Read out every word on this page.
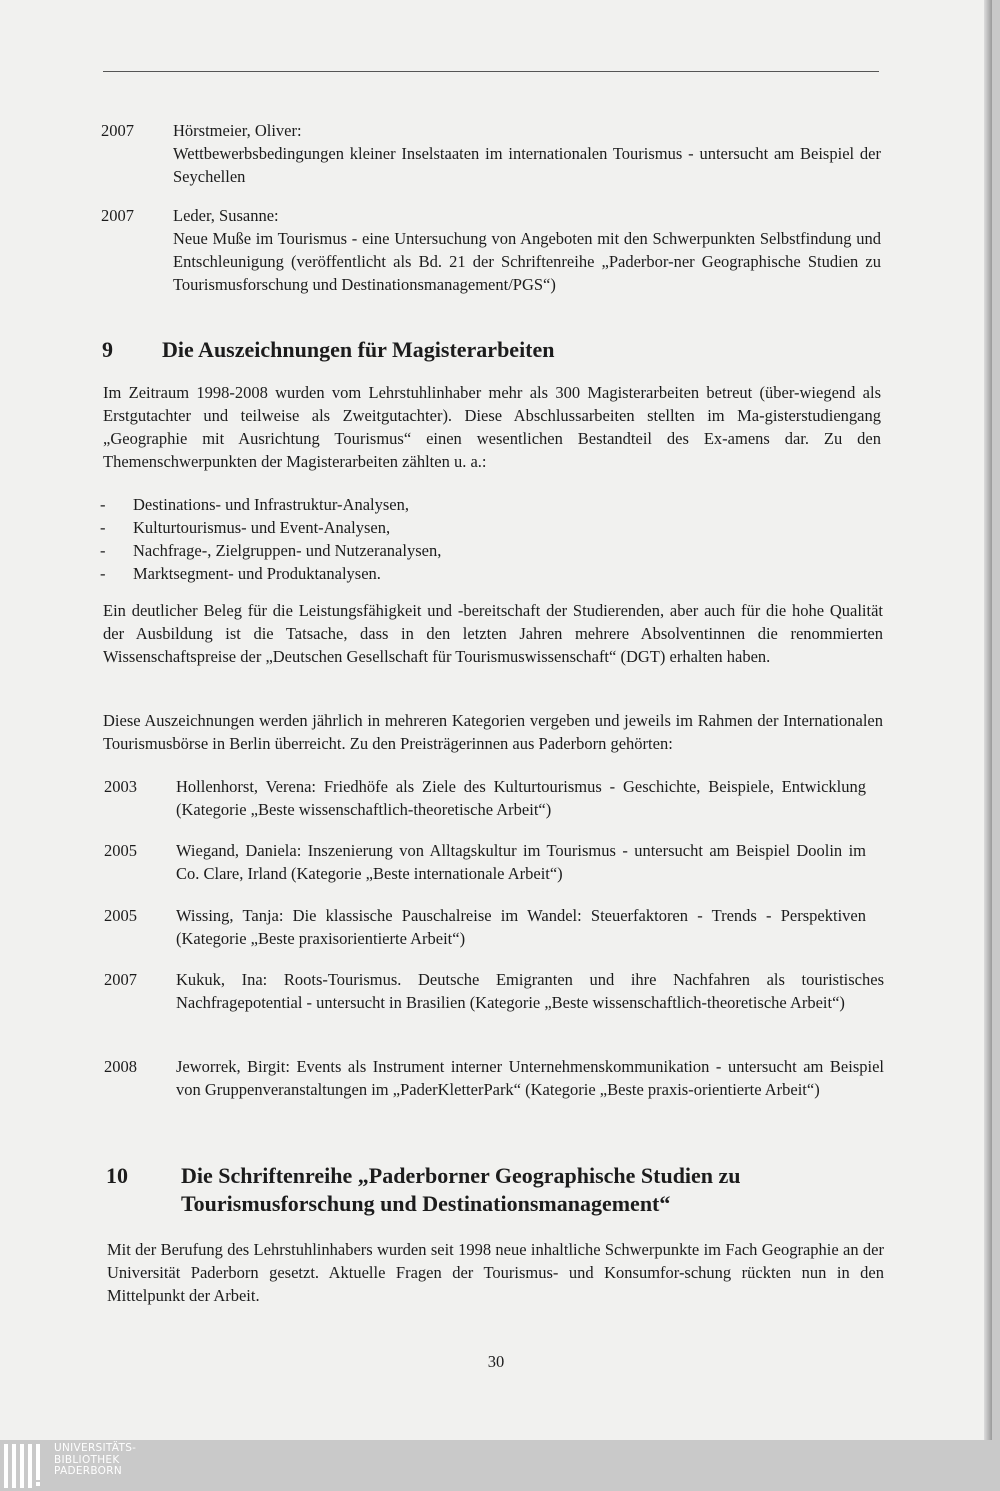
2007 Hörstmeier, Oliver:

Wettbewerbsbedingungen kleiner Inselstaaten im internationalen Tourismus - untersucht am Beispiel der Seychellen

2007 Leder, Susanne:

Neue Muße im Tourismus - eine Untersuchung von Angeboten mit den Schwerpunkten Selbstfindung und Entschleunigung (veröffentlicht als Bd. 21 der Schriftenreihe „Paderbor-ner Geographische Studien zu Tourismusforschung und Destinationsmanagement/PGS“)

9 Die Auszeichnungen für Magisterarbeiten

Im Zeitraum 1998-2008 wurden vom Lehrstuhlinhaber mehr als 300 Magisterarbeiten betreut (über-wiegend als Erstgutachter und teilweise als Zweitgutachter). Diese Abschlussarbeiten stellten im Ma-gisterstudiengang „Geographie mit Ausrichtung Tourismus“ einen wesentlichen Bestandteil des Ex-amens dar. Zu den Themenschwerpunkten der Magisterarbeiten zählten u. a.:

- Destinations- und Infrastruktur-Analysen,
- Kulturtourismus- und Event-Analysen,
- Nachfrage-, Zielgruppen- und Nutzeranalysen,
- Marktsegment- und Produktanalysen.

Ein deutlicher Beleg für die Leistungsfähigkeit und -bereitschaft der Studierenden, aber auch für die hohe Qualität der Ausbildung ist die Tatsache, dass in den letzten Jahren mehrere Absolventinnen die renommierten Wissenschaftspreise der „Deutschen Gesellschaft für Tourismuswissenschaft“ (DGT) erhalten haben.

Diese Auszeichnungen werden jährlich in mehreren Kategorien vergeben und jeweils im Rahmen der Internationalen Tourismusbörse in Berlin überreicht. Zu den Preisträgerinnen aus Paderborn gehörten:

2003 Hollenhorst, Verena: Friedhöfe als Ziele des Kulturtourismus - Geschichte, Beispiele, Entwicklung (Kategorie „Beste wissenschaftlich-theoretische Arbeit“)
2005 Wiegand, Daniela: Inszenierung von Alltagskultur im Tourismus - untersucht am Beispiel Doolin im Co. Clare, Irland (Kategorie „Beste internationale Arbeit“)
2005 Wissing, Tanja: Die klassische Pauschalreise im Wandel: Steuerfaktoren - Trends - Perspektiven (Kategorie „Beste praxisorientierte Arbeit“)
2007 Kukuk, Ina: Roots-Tourismus. Deutsche Emigranten und ihre Nachfahren als touristisches Nachfragepotential - untersucht in Brasilien (Kategorie „Beste wissenschaftlich-theoretische Arbeit“)
2008 Jeworrek, Birgit: Events als Instrument interner Unternehmenskommunikation - untersucht am Beispiel von Gruppenveranstaltungen im „PaderKletterPark“ (Kategorie „Beste praxis-orientierte Arbeit“)
10 Die Schriftenreihe „Paderborner Geographische Studien zu
Tourismusforschung und Destinationsmanagement“

Mit der Berufung des Lehrstuhlinhabers wurden seit 1998 neue inhaltliche Schwerpunkte im Fach Geographie an der Universität Paderborn gesetzt. Aktuelle Fragen der Tourismus- und Konsumfor-schung rückten nun in den Mittelpunkt der Arbeit.

30
UNIVERSITÄTS-
BIBLIOTHEK
PADERBORN
